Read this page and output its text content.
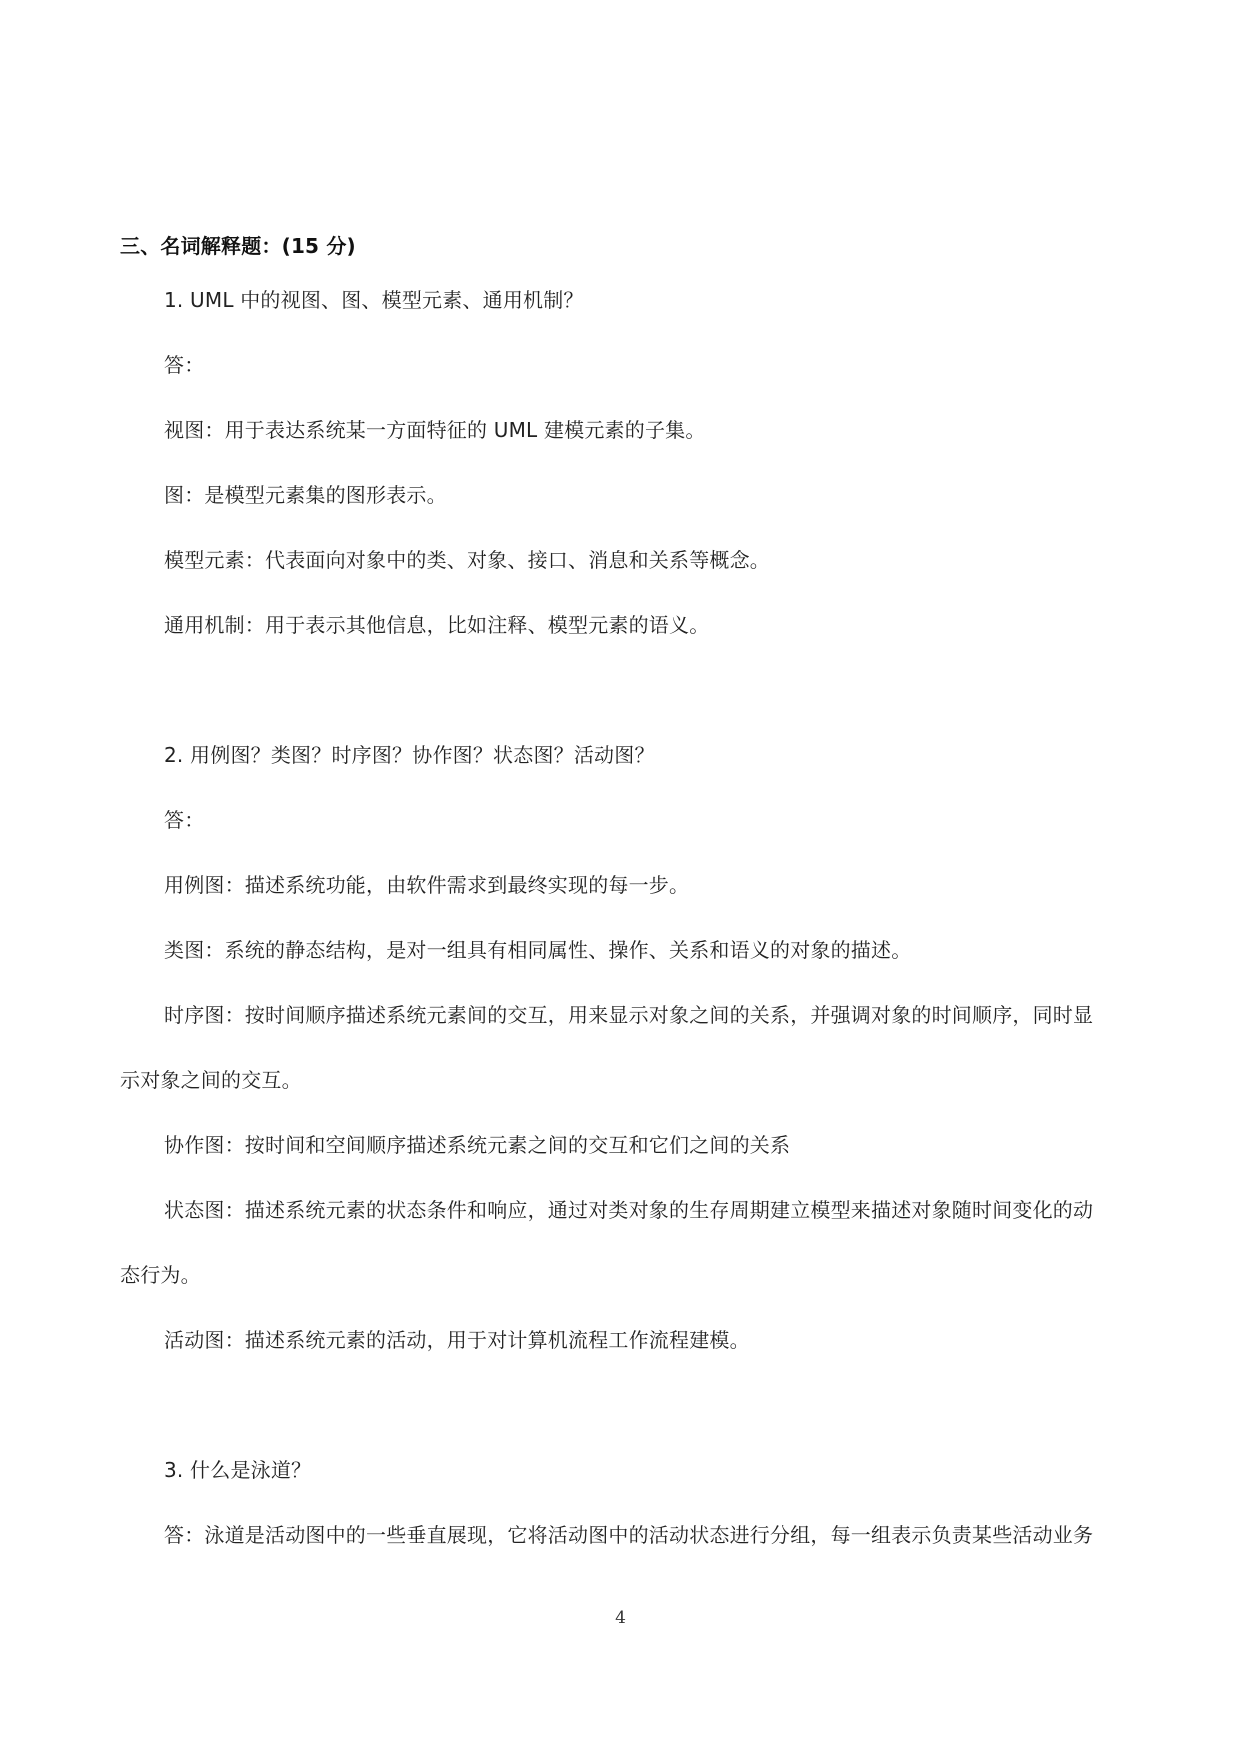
三、名词解释题：(15 分)
1. UML 中的视图、图、模型元素、通用机制？
答：
视图：用于表达系统某一方面特征的 UML 建模元素的子集。
图：是模型元素集的图形表示。
模型元素：代表面向对象中的类、对象、接口、消息和关系等概念。
通用机制：用于表示其他信息，比如注释、模型元素的语义。
2. 用例图？类图？时序图？协作图？状态图？活动图？
答：
用例图：描述系统功能，由软件需求到最终实现的每一步。
类图：系统的静态结构，是对一组具有相同属性、操作、关系和语义的对象的描述。
时序图：按时间顺序描述系统元素间的交互，用来显示对象之间的关系，并强调对象的时间顺序，同时显
示对象之间的交互。
协作图：按时间和空间顺序描述系统元素之间的交互和它们之间的关系
状态图：描述系统元素的状态条件和响应，通过对类对象的生存周期建立模型来描述对象随时间变化的动
态行为。
活动图：描述系统元素的活动，用于对计算机流程工作流程建模。
3. 什么是泳道？
答：泳道是活动图中的一些垂直展现，它将活动图中的活动状态进行分组，每一组表示负责某些活动业务
4
